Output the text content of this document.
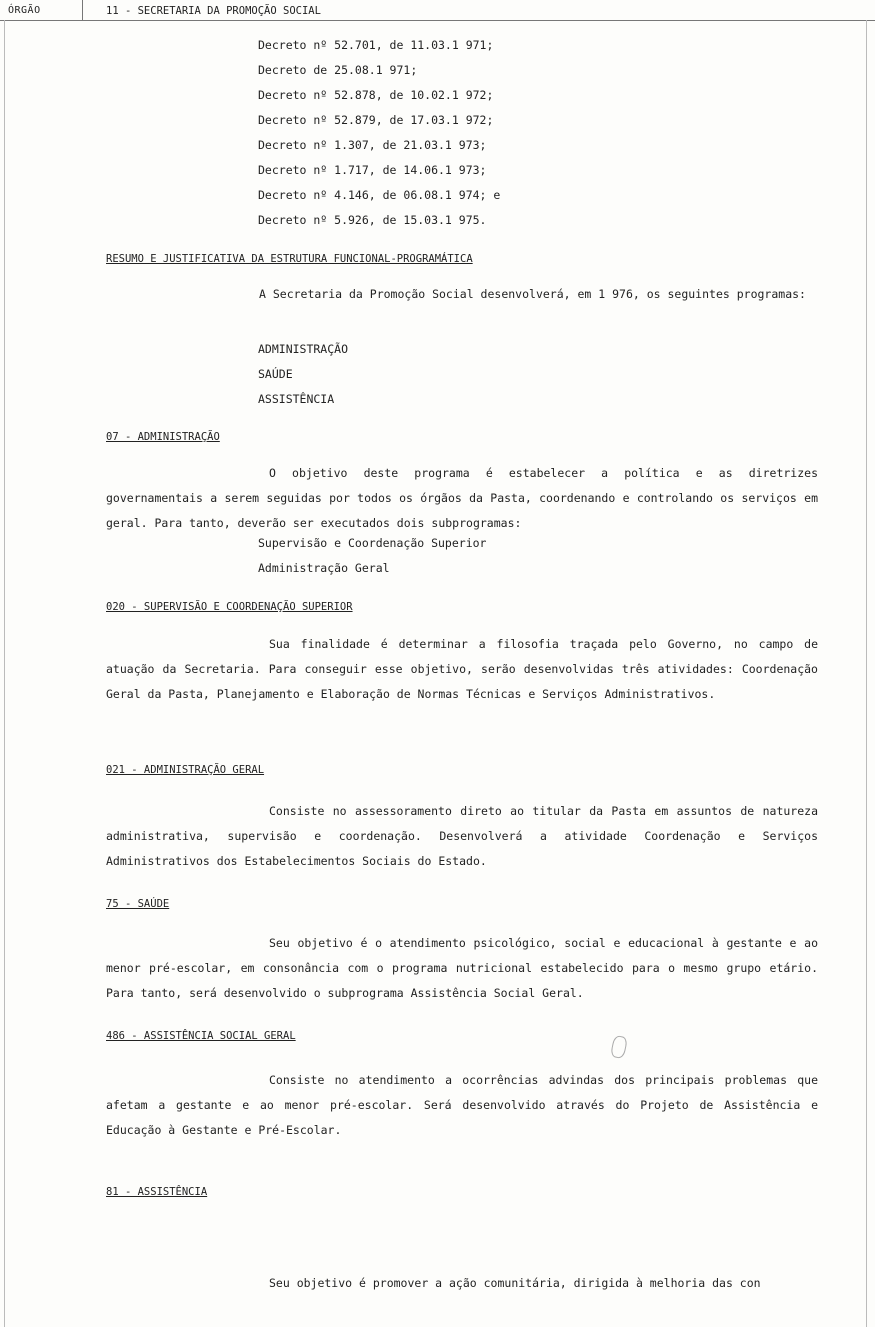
ÓRGÃO	11 - SECRETARIA DA PROMOÇÃO SOCIAL
Decreto nº 52.701, de 11.03.1 971;
Decreto de 25.08.1 971;
Decreto nº 52.878, de 10.02.1 972;
Decreto nº 52.879, de 17.03.1 972;
Decreto nº 1.307, de 21.03.1 973;
Decreto nº 1.717, de 14.06.1 973;
Decreto nº 4.146, de 06.08.1 974; e
Decreto nº 5.926, de 15.03.1 975.
RESUMO E JUSTIFICATIVA DA ESTRUTURA FUNCIONAL-PROGRAMÁTICA
A Secretaria da Promoção Social desenvolverá, em 1 976, os seguintes programas:
ADMINISTRAÇÃO
SAÚDE
ASSISTÊNCIA
07 - ADMINISTRAÇÃO
O objetivo deste programa é estabelecer a política e as diretrizes governamentais a serem seguidas por todos os órgãos da Pasta, coordenando e controlando os serviços em geral. Para tanto, deverão ser executados dois subprogramas:
Supervisão e Coordenação Superior
Administração Geral
020 - SUPERVISÃO E COORDENAÇÃO SUPERIOR
Sua finalidade é determinar a filosofia traçada pelo Governo, no campo de atuação da Secretaria. Para conseguir esse objetivo, serão desenvolvidas três atividades: Coordenação Geral da Pasta, Planejamento e Elaboração de Normas Técnicas e Serviços Administrativos.
021 - ADMINISTRAÇÃO GERAL
Consiste no assessoramento direto ao titular da Pasta em assuntos de natureza administrativa, supervisão e coordenação. Desenvolverá a atividade Coordenação e Serviços Administrativos dos Estabelecimentos Sociais do Estado.
75 - SAÚDE
Seu objetivo é o atendimento psicológico, social e educacional à gestante e ao menor pré-escolar, em consonância com o programa nutricional estabelecido para o mesmo grupo etário. Para tanto, será desenvolvido o subprograma Assistência Social Geral.
486 - ASSISTÊNCIA SOCIAL GERAL
Consiste no atendimento a ocorrências advindas dos principais problemas que afetam a gestante e ao menor pré-escolar. Será desenvolvido através do Projeto de Assistência e Educação à Gestante e Pré-Escolar.
81 - ASSISTÊNCIA
Seu objetivo é promover a ação comunitária, dirigida à melhoria das con
